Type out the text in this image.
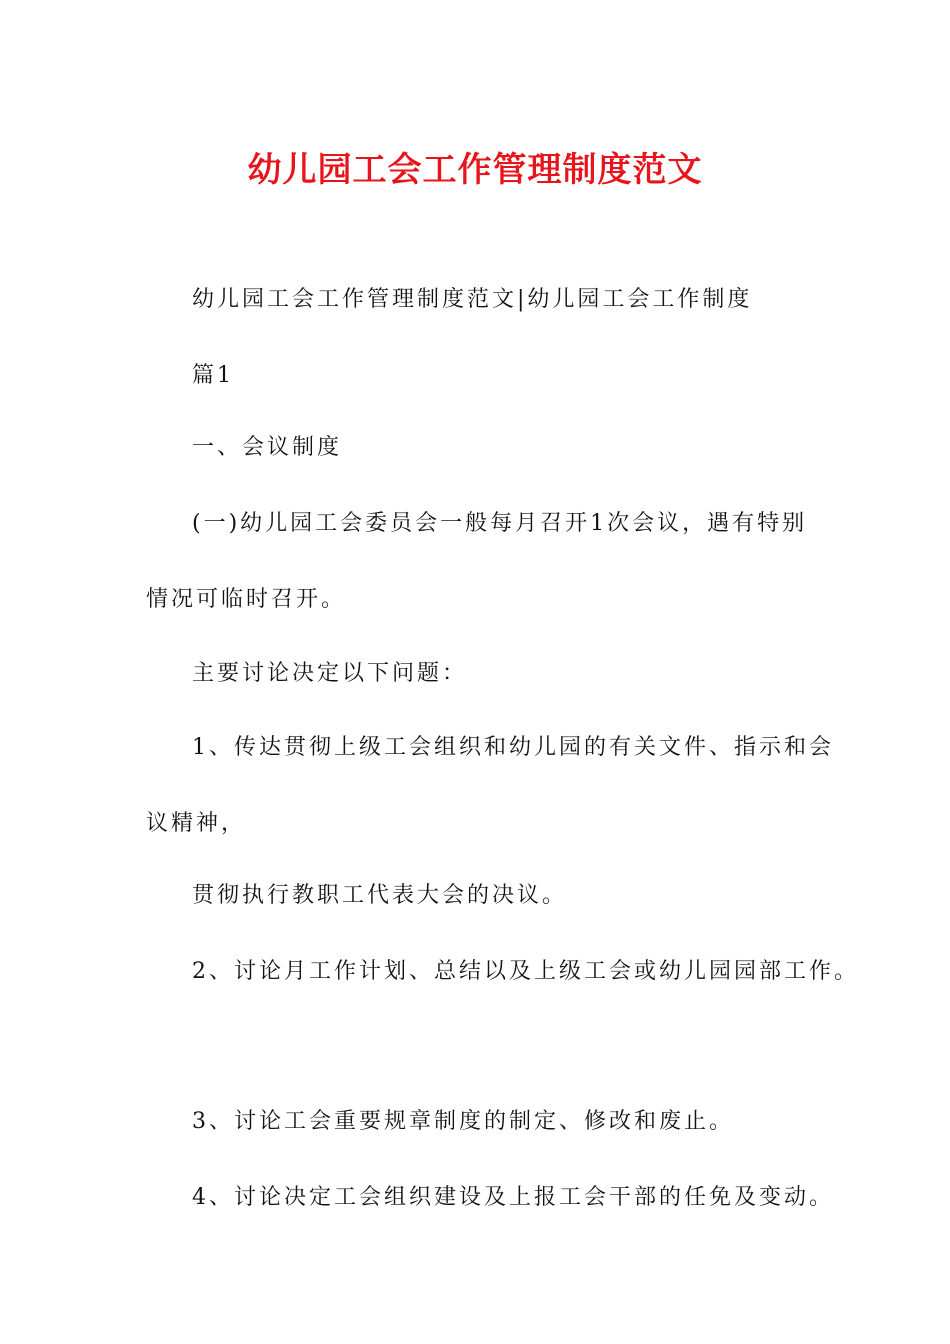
幼儿园工会工作管理制度范文
幼儿园工会工作管理制度范文|幼儿园工会工作制度
篇1
一、会议制度
(一)幼儿园工会委员会一般每月召开1次会议，遇有特别
情况可临时召开。
主要讨论决定以下问题：
1、传达贯彻上级工会组织和幼儿园的有关文件、指示和会
议精神，
贯彻执行教职工代表大会的决议。
2、讨论月工作计划、总结以及上级工会或幼儿园园部工作。
3、讨论工会重要规章制度的制定、修改和废止。
4、讨论决定工会组织建设及上报工会干部的任免及变动。
